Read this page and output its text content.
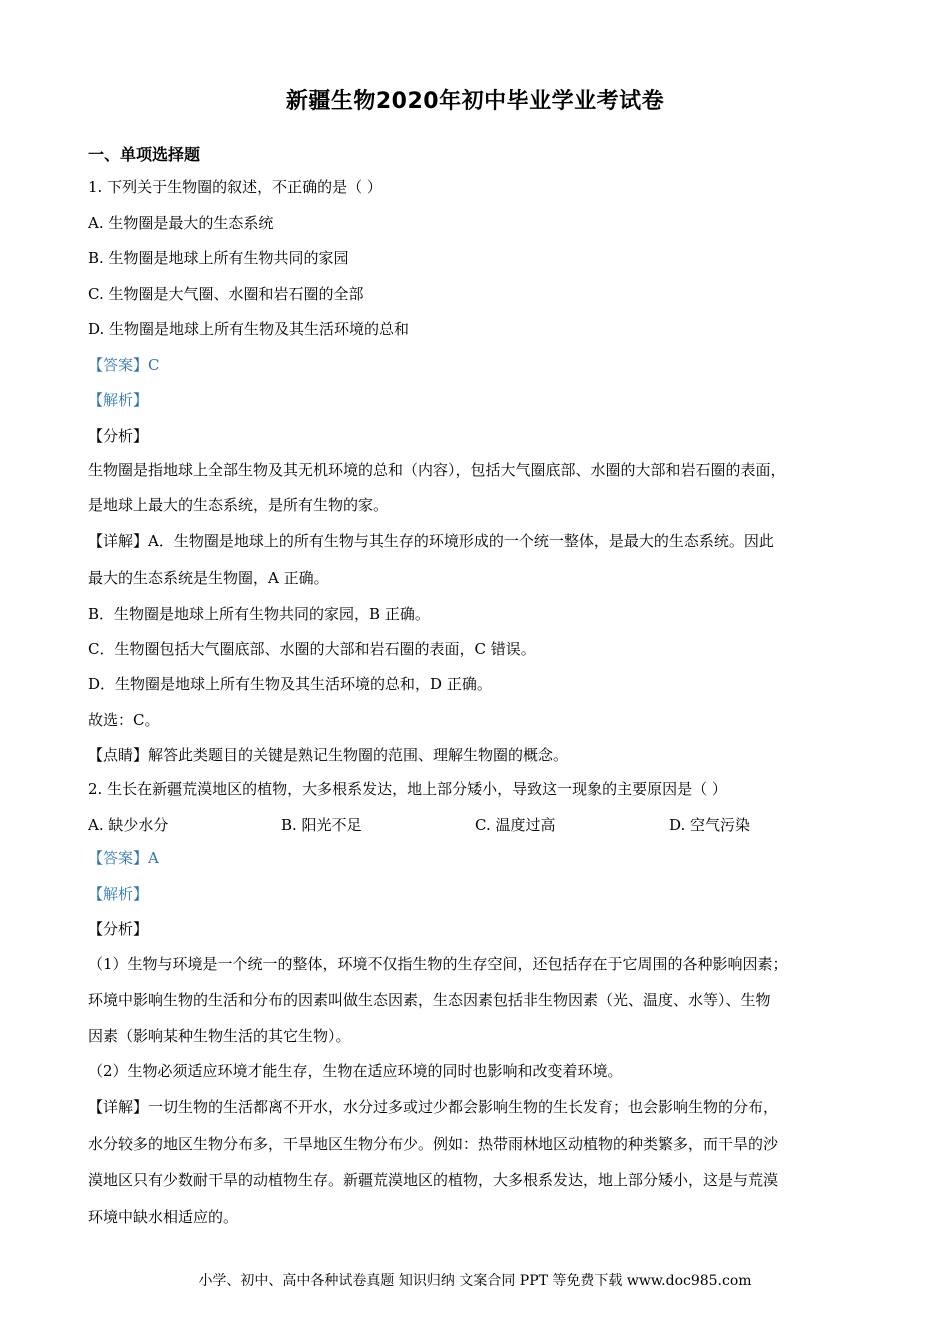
新疆生物2020年初中毕业学业考试卷
一、单项选择题
1. 下列关于生物圈的叙述，不正确的是（ ）
A. 生物圈是最大的生态系统
B. 生物圈是地球上所有生物共同的家园
C. 生物圈是大气圈、水圈和岩石圈的全部
D. 生物圈是地球上所有生物及其生活环境的总和
【答案】C
【解析】
【分析】
生物圈是指地球上全部生物及其无机环境的总和（内容），包括大气圈底部、水圈的大部和岩石圈的表面，
是地球上最大的生态系统，是所有生物的家。
【详解】A．生物圈是地球上的所有生物与其生存的环境形成的一个统一整体，是最大的生态系统。因此
最大的生态系统是生物圈，A 正确。
B．生物圈是地球上所有生物共同的家园，B 正确。
C．生物圈包括大气圈底部、水圈的大部和岩石圈的表面，C 错误。
D．生物圈是地球上所有生物及其生活环境的总和，D 正确。
故选：C。
【点睛】解答此类题目的关键是熟记生物圈的范围、理解生物圈的概念。
2. 生长在新疆荒漠地区的植物，大多根系发达，地上部分矮小，导致这一现象的主要原因是（ ）
A. 缺少水分	B. 阳光不足	C. 温度过高	D. 空气污染
【答案】A
【解析】
【分析】
（1）生物与环境是一个统一的整体，环境不仅指生物的生存空间，还包括存在于它周围的各种影响因素；
环境中影响生物的生活和分布的因素叫做生态因素，生态因素包括非生物因素（光、温度、水等）、生物
因素（影响某种生物生活的其它生物）。
（2）生物必须适应环境才能生存，生物在适应环境的同时也影响和改变着环境。
【详解】一切生物的生活都离不开水，水分过多或过少都会影响生物的生长发育；也会影响生物的分布，
水分较多的地区生物分布多，干旱地区生物分布少。例如：热带雨林地区动植物的种类繁多，而干旱的沙
漠地区只有少数耐干旱的动植物生存。新疆荒漠地区的植物，大多根系发达，地上部分矮小，这是与荒漠
环境中缺水相适应的。
小学、初中、高中各种试卷真题 知识归纳 文案合同 PPT 等免费下载 www.doc985.com
